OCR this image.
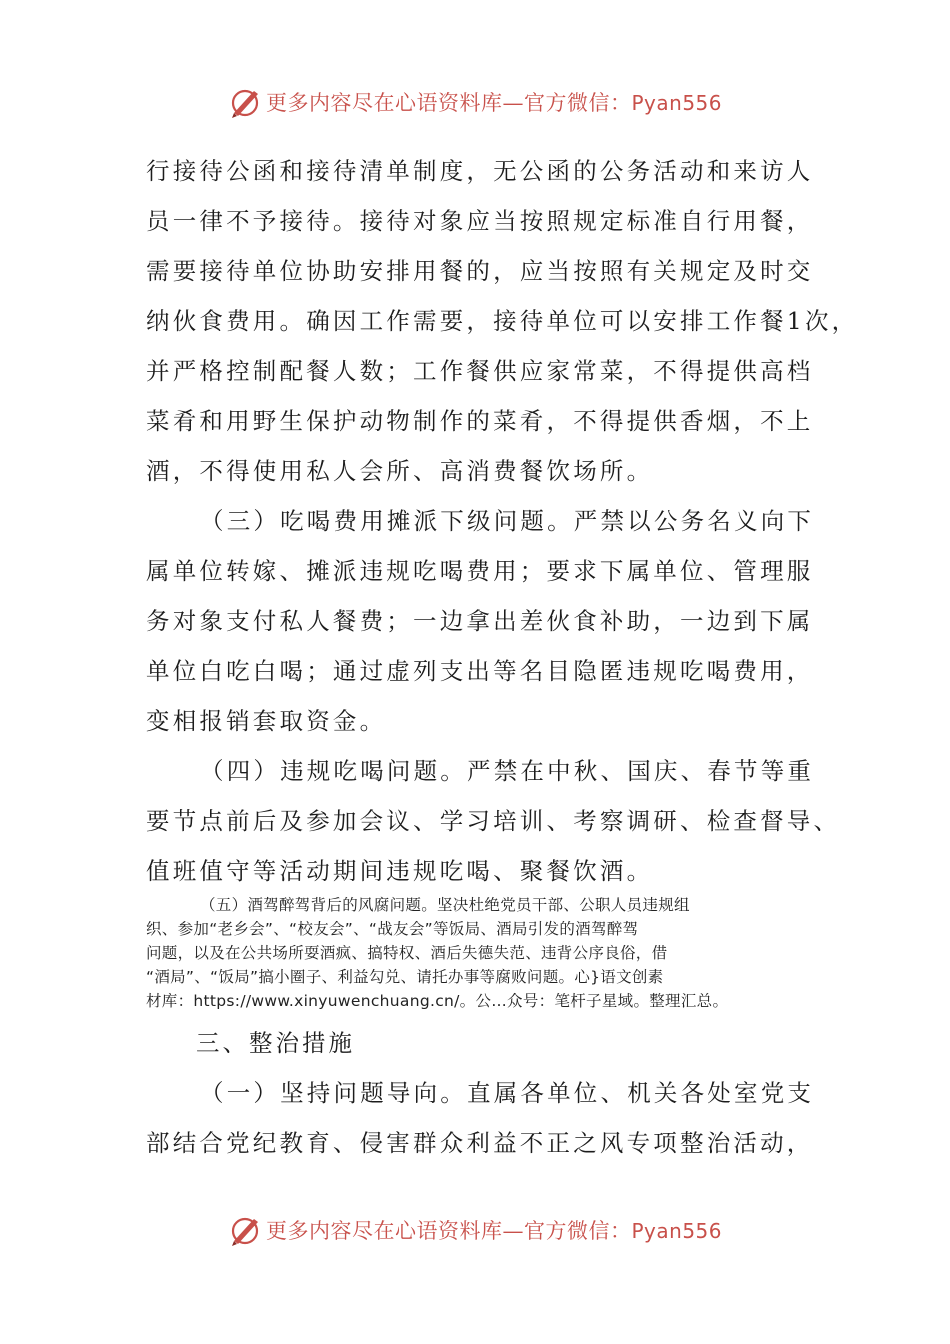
更多内容尽在心语资料库—官方微信：Pyan556
行接待公函和接待清单制度，无公函的公务活动和来访人
员一律不予接待。接待对象应当按照规定标准自行用餐，
需要接待单位协助安排用餐的，应当按照有关规定及时交
纳伙食费用。确因工作需要，接待单位可以安排工作餐1次，
并严格控制配餐人数；工作餐供应家常菜，不得提供高档
菜肴和用野生保护动物制作的菜肴，不得提供香烟，不上
酒，不得使用私人会所、高消费餐饮场所。
（三）吃喝费用摊派下级问题。严禁以公务名义向下
属单位转嫁、摊派违规吃喝费用；要求下属单位、管理服
务对象支付私人餐费；一边拿出差伙食补助，一边到下属
单位白吃白喝；通过虚列支出等名目隐匿违规吃喝费用，
变相报销套取资金。
（四）违规吃喝问题。严禁在中秋、国庆、春节等重
要节点前后及参加会议、学习培训、考察调研、检查督导、
值班值守等活动期间违规吃喝、聚餐饮酒。
（五）酒驾醉驾背后的风腐问题。坚决杜绝党员干部、公职人员违规组
织、参加“老乡会”、“校友会”、“战友会”等饭局、酒局引发的酒驾醉驾
问题，以及在公共场所耍酒疯、搞特权、酒后失德失范、违背公序良俗，借
“酒局”、“饭局”搞小圈子、利益勾兑、请托办事等腐败问题。心}语文创素
材库：https://www.xinyuwenchuang.cn/。公…众号：笔杆子星域。整理汇总。
三、整治措施
（一）坚持问题导向。直属各单位、机关各处室党支
部结合党纪教育、侵害群众利益不正之风专项整治活动，
更多内容尽在心语资料库—官方微信：Pyan556
